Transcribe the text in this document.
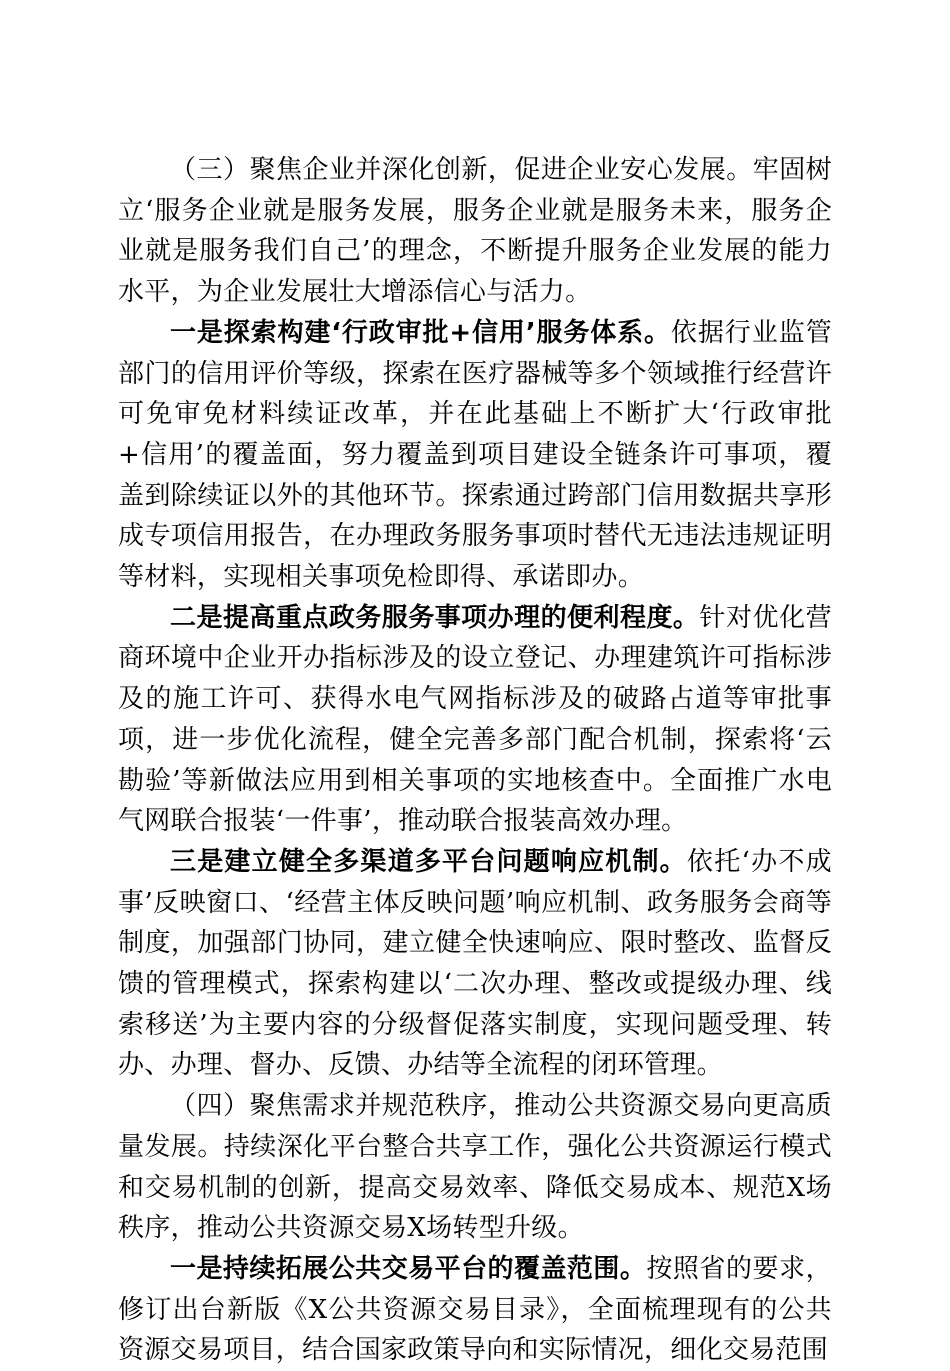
（三）聚焦企业并深化创新，促进企业安心发展。牢固树立‘服务企业就是服务发展，服务企业就是服务未来，服务企业就是服务我们自己’的理念，不断提升服务企业发展的能力水平，为企业发展壮大增添信心与活力。

一是探索构建‘行政审批+信用’服务体系。依据行业监管部门的信用评价等级，探索在医疗器械等多个领域推行经营许可免审免材料续证改革，并在此基础上不断扩大‘行政审批+信用’的覆盖面，努力覆盖到项目建设全链条许可事项，覆盖到除续证以外的其他环节。探索通过跨部门信用数据共享形成专项信用报告，在办理政务服务事项时替代无违法违规证明等材料，实现相关事项免检即得、承诺即办。

二是提高重点政务服务事项办理的便利程度。针对优化营商环境中企业开办指标涉及的设立登记、办理建筑许可指标涉及的施工许可、获得水电气网指标涉及的破路占道等审批事项，进一步优化流程，健全完善多部门配合机制，探索将‘云勘验’等新做法应用到相关事项的实地核查中。全面推广水电气网联合报装‘一件事’，推动联合报装高效办理。

三是建立健全多渠道多平台问题响应机制。依托‘办不成事’反映窗口、‘经营主体反映问题’响应机制、政务服务会商等制度，加强部门协同，建立健全快速响应、限时整改、监督反馈的管理模式，探索构建以‘二次办理、整改或提级办理、线索移送’为主要内容的分级督促落实制度，实现问题受理、转办、办理、督办、反馈、办结等全流程的闭环管理。

（四）聚焦需求并规范秩序，推动公共资源交易向更高质量发展。持续深化平台整合共享工作，强化公共资源运行模式和交易机制的创新，提高交易效率、降低交易成本、规范X场秩序，推动公共资源交易X场转型升级。

一是持续拓展公共交易平台的覆盖范围。按照省的要求，修订出台新版《X公共资源交易目录》，全面梳理现有的公共资源交易项目，结合国家政策导向和实际情况，细化交易范围
